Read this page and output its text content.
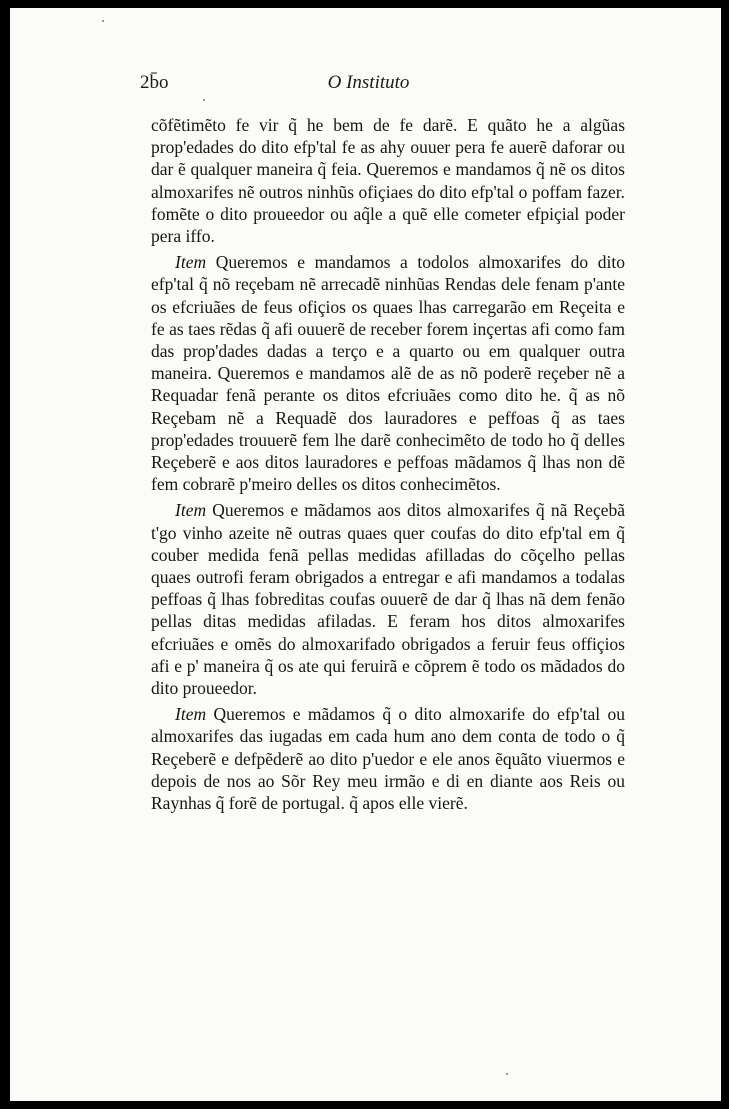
2b̄o	O Instituto

cõfẽtimẽto fe vir q̃ he bem de fe darẽ. E quãto he a algũas prop'edades do dito efp'tal fe as ahy ouuer pera fe auerẽ daforar ou dar ẽ qualquer maneira q̃ feia. Queremos e mandamos q̃ nẽ os ditos almoxarifes nẽ outros ninhũs ofiçiaes do dito efp'tal o poffam fazer. fomẽte o dito proueedor ou aq̃le a quẽ elle cometer efpiçial poder pera iffo.

Item Queremos e mandamos a todolos almoxarifes do dito efp'tal q̃ nõ reçebam nẽ arrecadẽ ninhũas Rendas dele fenam p'ante os efcriuães de feus ofiçios os quaes lhas carregarão em Reçeita e fe as taes rẽdas q̃ afi ouuerẽ de receber forem inçertas afi como fam das prop'dades dadas a terço e a quarto ou em qualquer outra maneira. Queremos e mandamos alẽ de as nõ poderẽ reçeber nẽ a Requadar fenã perante os ditos efcriuães como dito he. q̃ as nõ Reçebam nẽ a Requadẽ dos lauradores e peffoas q̃ as taes prop'edades trouuerẽ fem lhe darẽ conhecimẽto de todo ho q̃ delles Reçeberẽ e aos ditos lauradores e peffoas mãdamos q̃ lhas non dẽ fem cobrarẽ p'meiro delles os ditos conhecimẽtos.

Item Queremos e mãdamos aos ditos almoxarifes q̃ nã Reçebã t'go vinho azeite nẽ outras quaes quer coufas do dito efp'tal em q̃ couber medida fenã pellas medidas afilladas do cõçelho pellas quaes outrofi feram obrigados a entregar e afi mandamos a todalas peffoas q̃ lhas fobreditas coufas ouuerẽ de dar q̃ lhas nã dem fenão pellas ditas medidas afiladas. E feram hos ditos almoxarifes efcriuães e omẽs do almoxarifado obrigados a feruir feus offiçios afi e p' maneira q̃ os ate qui feruirã e cõprem ẽ todo os mãdados do dito proueedor.

Item Queremos e mãdamos q̃ o dito almoxarife do efp'tal ou almoxarifes das iugadas em cada hum ano dem conta de todo o q̃ Reçeberẽ e defpẽderẽ ao dito p'uedor e ele anos ẽquãto viuermos e depois de nos ao Sõr Rey meu irmão e di en diante aos Reis ou Raynhas q̃ forẽ de portugal. q̃ apos elle vierẽ.
